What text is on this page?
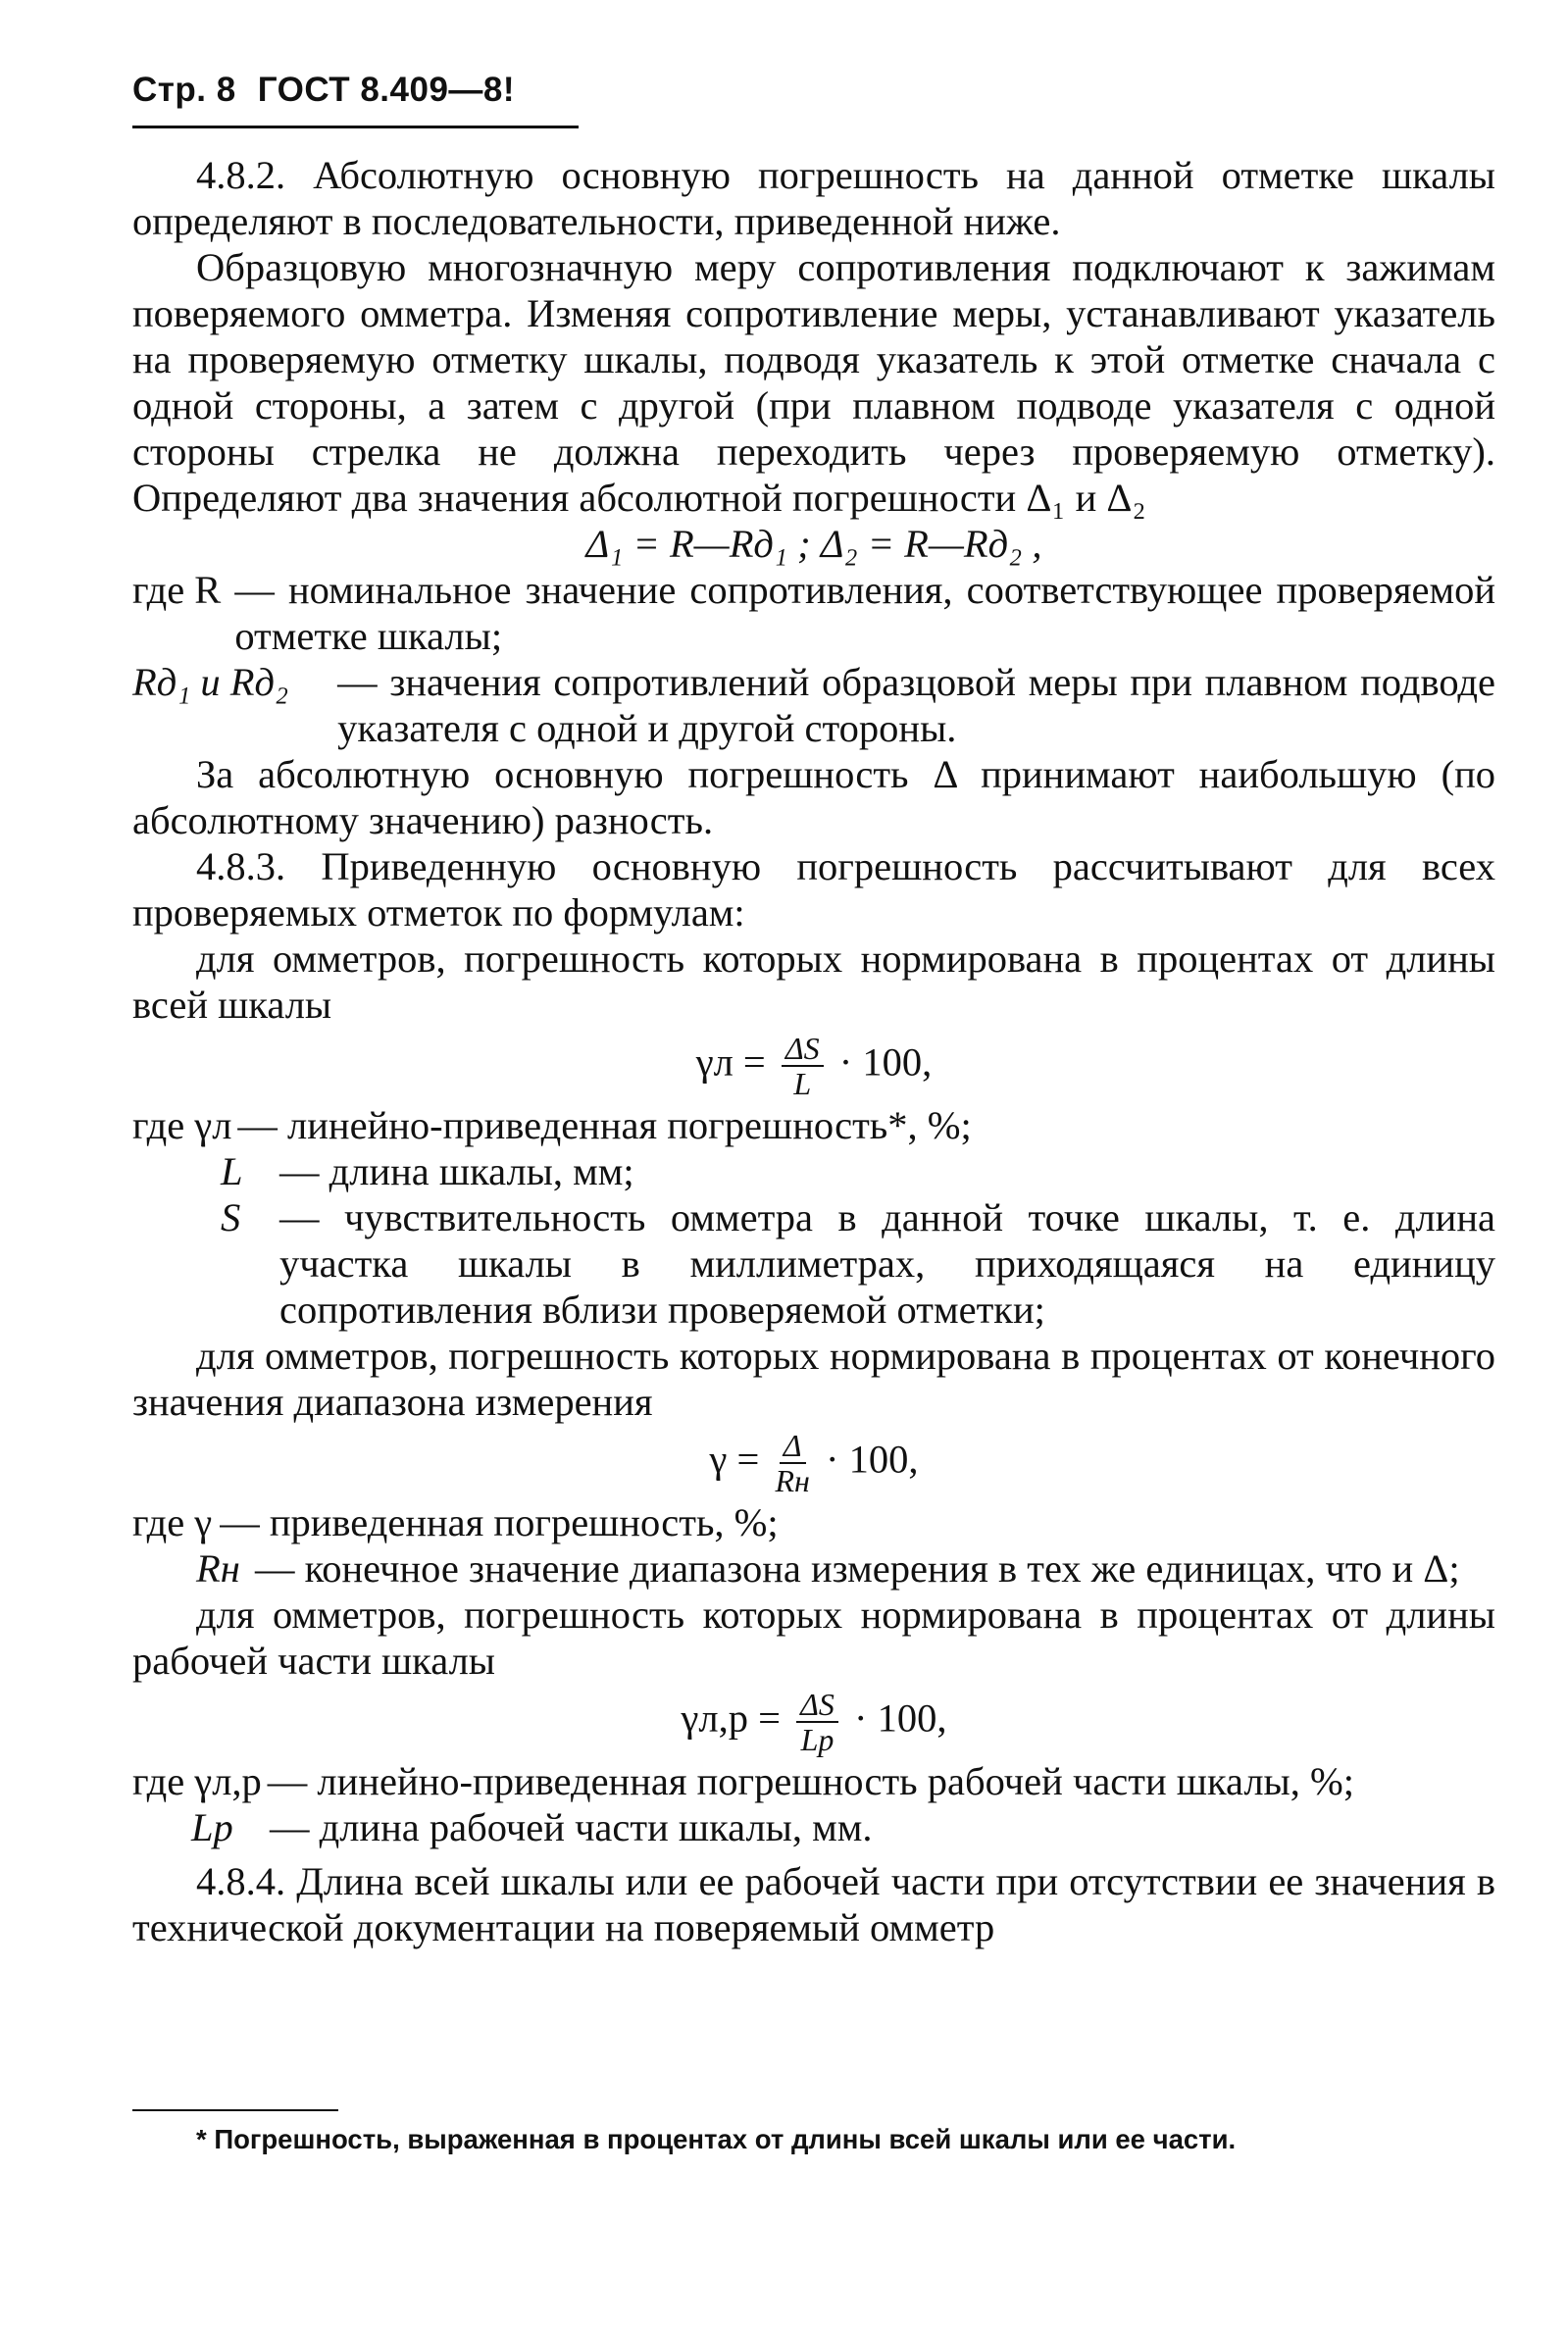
Стр. 8 ГОСТ 8.409—8!

4.8.2. Абсолютную основную погрешность на данной отметке шкалы определяют в последовательности, приведенной ниже.

Образцовую многозначную меру сопротивления подключают к зажимам поверяемого омметра. Изменяя сопротивление меры, устанавливают указатель на проверяемую отметку шкалы, подводя указатель к этой отметке сначала с одной стороны, а затем с другой (при плавном подводе указателя с одной стороны стрелка не должна переходить через проверяемую отметку). Определяют два значения абсолютной погрешности Δ₁ и Δ₂

Δ₁ = R—Rд₁ ; Δ₂ = R—Rд₂ ,

где R — номинальное значение сопротивления, соответствующее проверяемой отметке шкалы;
Rд₁ и Rд₂ — значения сопротивлений образцовой меры при плавном подводе указателя с одной и другой стороны.

За абсолютную основную погрешность Δ принимают наибольшую (по абсолютному значению) разность.

4.8.3. Приведенную основную погрешность рассчитывают для всех проверяемых отметок по формулам:

для омметров, погрешность которых нормирована в процентах от длины всей шкалы

$\gamma л = \frac{\Delta S}{L} \cdot 100$,

где γл — линейно-приведенная погрешность*, %;
L — длина шкалы, мм;
S — чувствительность омметра в данной точке шкалы, т. е. длина участка шкалы в миллиметрах, приходящаяся на единицу сопротивления вблизи проверяемой отметки;

для омметров, погрешность которых нормирована в процентах от конечного значения диапазона измерения

$\gamma = \frac{\Delta}{Rн} \cdot 100$,

где γ — приведенная погрешность, %;
Rн — конечное значение диапазона измерения в тех же единицах, что и Δ;

для омметров, погрешность которых нормирована в процентах от длины рабочей части шкалы

$\gamma л,р = \frac{\Delta S}{Lр} \cdot 100$,

где γл,р — линейно-приведенная погрешность рабочей части шкалы, %;
Lр — длина рабочей части шкалы, мм.

4.8.4. Длина всей шкалы или ее рабочей части при отсутствии ее значения в технической документации на поверяемый омметр

* Погрешность, выраженная в процентах от длины всей шкалы или ее части.
